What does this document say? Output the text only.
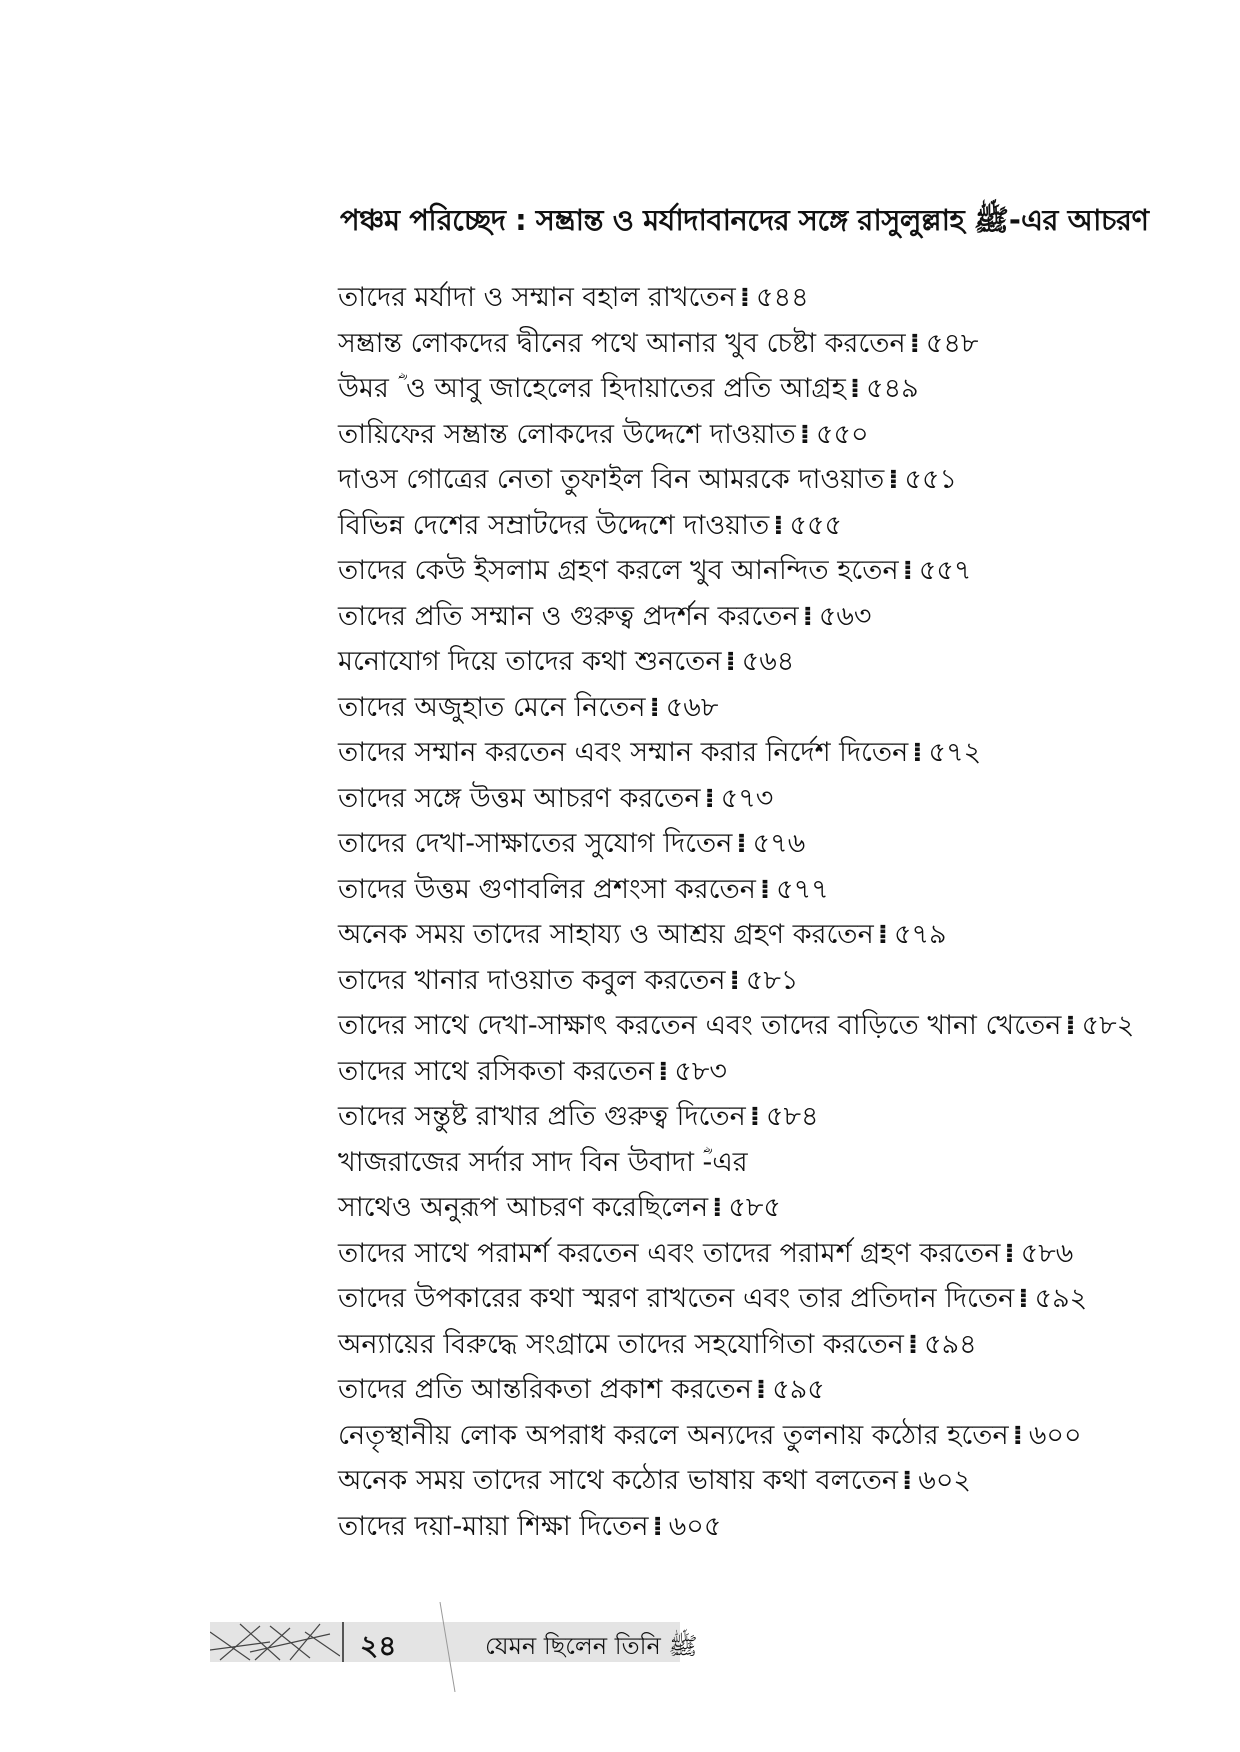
পঞ্চম পরিচ্ছেদ : সম্ভ্রান্ত ও মর্যাদাবানদের সঙ্গে রাসুলুল্লাহ ﷺ-এর আচরণ
তাদের মর্যাদা ও সম্মান বহাল রাখতেন ⁞ ৫৪৪
সম্ভ্রান্ত লোকদের দ্বীনের পথে আনার খুব চেষ্টা করতেন ⁞ ৫৪৮
উমর ؓ ও আবু জাহেলের হিদায়াতের প্রতি আগ্রহ ⁞ ৫৪৯
তায়িফের সম্ভ্রান্ত লোকদের উদ্দেশে দাওয়াত ⁞ ৫৫০
দাওস গোত্রের নেতা তুফাইল বিন আমরকে দাওয়াত ⁞ ৫৫১
বিভিন্ন দেশের সম্রাটদের উদ্দেশে দাওয়াত ⁞ ৫৫৫
তাদের কেউ ইসলাম গ্রহণ করলে খুব আনন্দিত হতেন ⁞ ৫৫৭
তাদের প্রতি সম্মান ও গুরুত্ব প্রদর্শন করতেন ⁞ ৫৬৩
মনোযোগ দিয়ে তাদের কথা শুনতেন ⁞ ৫৬৪
তাদের অজুহাত মেনে নিতেন ⁞ ৫৬৮
তাদের সম্মান করতেন এবং সম্মান করার নির্দেশ দিতেন ⁞ ৫৭২
তাদের সঙ্গে উত্তম আচরণ করতেন ⁞ ৫৭৩
তাদের দেখা-সাক্ষাতের সুযোগ দিতেন ⁞ ৫৭৬
তাদের উত্তম গুণাবলির প্রশংসা করতেন ⁞ ৫৭৭
অনেক সময় তাদের সাহায্য ও আশ্রয় গ্রহণ করতেন ⁞ ৫৭৯
তাদের খানার দাওয়াত কবুল করতেন ⁞ ৫৮১
তাদের সাথে দেখা-সাক্ষাৎ করতেন এবং তাদের বাড়িতে খানা খেতেন ⁞ ৫৮২
তাদের সাথে রসিকতা করতেন ⁞ ৫৮৩
তাদের সন্তুষ্ট রাখার প্রতি গুরুত্ব দিতেন ⁞ ৫৮৪
খাজরাজের সর্দার সাদ বিন উবাদা ؓ-এর
সাথেও অনুরূপ আচরণ করেছিলেন ⁞ ৫৮৫
তাদের সাথে পরামর্শ করতেন এবং তাদের পরামর্শ গ্রহণ করতেন ⁞ ৫৮৬
তাদের উপকারের কথা স্মরণ রাখতেন এবং তার প্রতিদান দিতেন ⁞ ৫৯২
অন্যায়ের বিরুদ্ধে সংগ্রামে তাদের সহযোগিতা করতেন ⁞ ৫৯৪
তাদের প্রতি আন্তরিকতা প্রকাশ করতেন ⁞ ৫৯৫
নেতৃস্থানীয় লোক অপরাধ করলে অন্যদের তুলনায় কঠোর হতেন ⁞ ৬০০
অনেক সময় তাদের সাথে কঠোর ভাষায় কথা বলতেন ⁞ ৬০২
তাদের দয়া-মায়া শিক্ষা দিতেন ⁞ ৬০৫
২৪	যেমন ছিলেন তিনি ﷺ
